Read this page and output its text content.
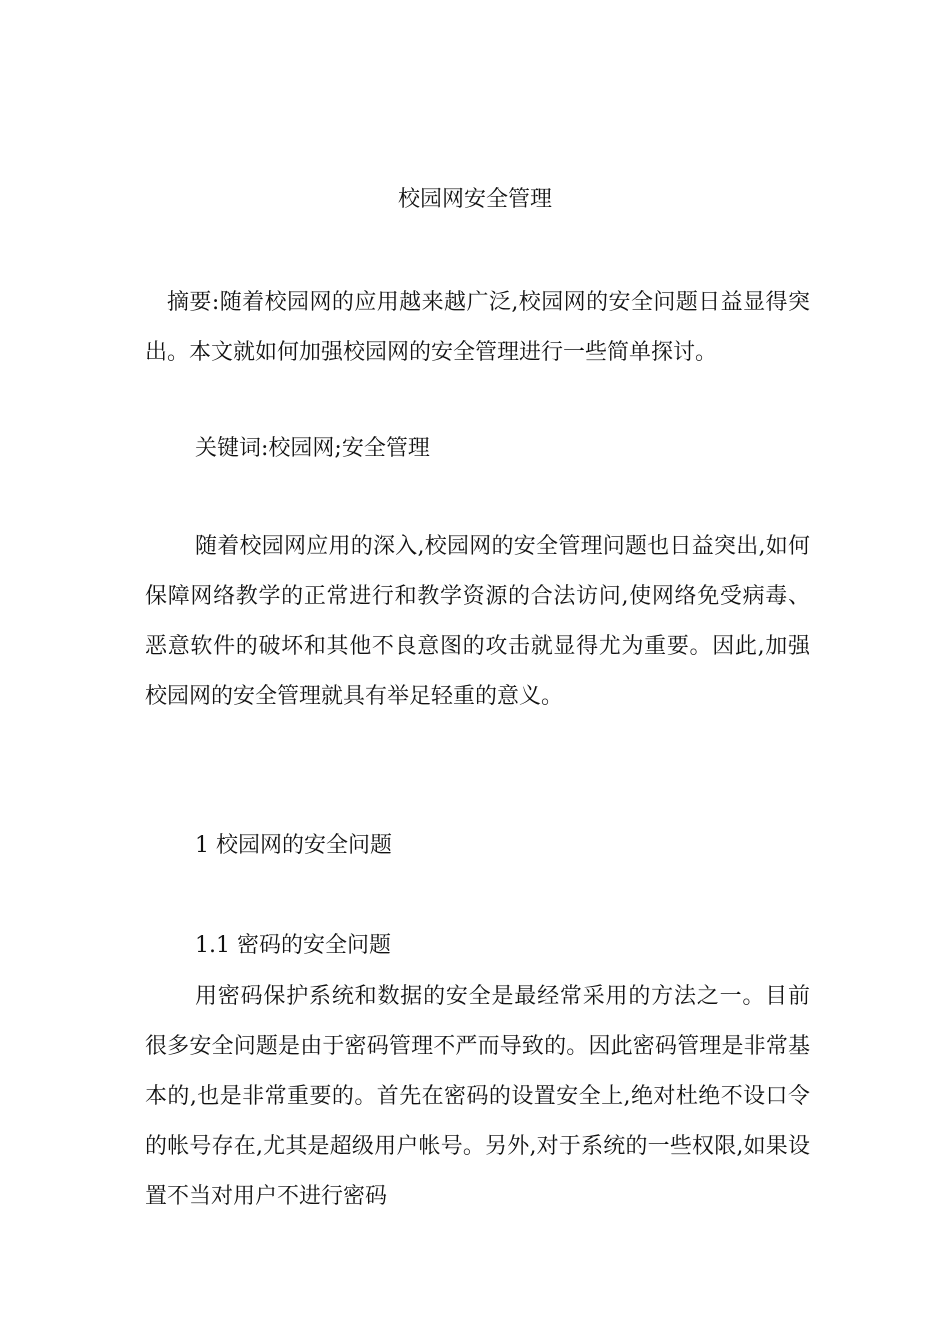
校园网安全管理

摘要:随着校园网的应用越来越广泛,校园网的安全问题日益显得突出。本文就如何加强校园网的安全管理进行一些简单探讨。

关键词:校园网;安全管理

随着校园网应用的深入,校园网的安全管理问题也日益突出,如何保障网络教学的正常进行和教学资源的合法访问,使网络免受病毒、恶意软件的破坏和其他不良意图的攻击就显得尤为重要。因此,加强校园网的安全管理就具有举足轻重的意义。

1 校园网的安全问题

1.1 密码的安全问题

用密码保护系统和数据的安全是最经常采用的方法之一。目前很多安全问题是由于密码管理不严而导致的。因此密码管理是非常基本的,也是非常重要的。首先在密码的设置安全上,绝对杜绝不设口令的帐号存在,尤其是超级用户帐号。另外,对于系统的一些权限,如果设置不当对用户不进行密码
